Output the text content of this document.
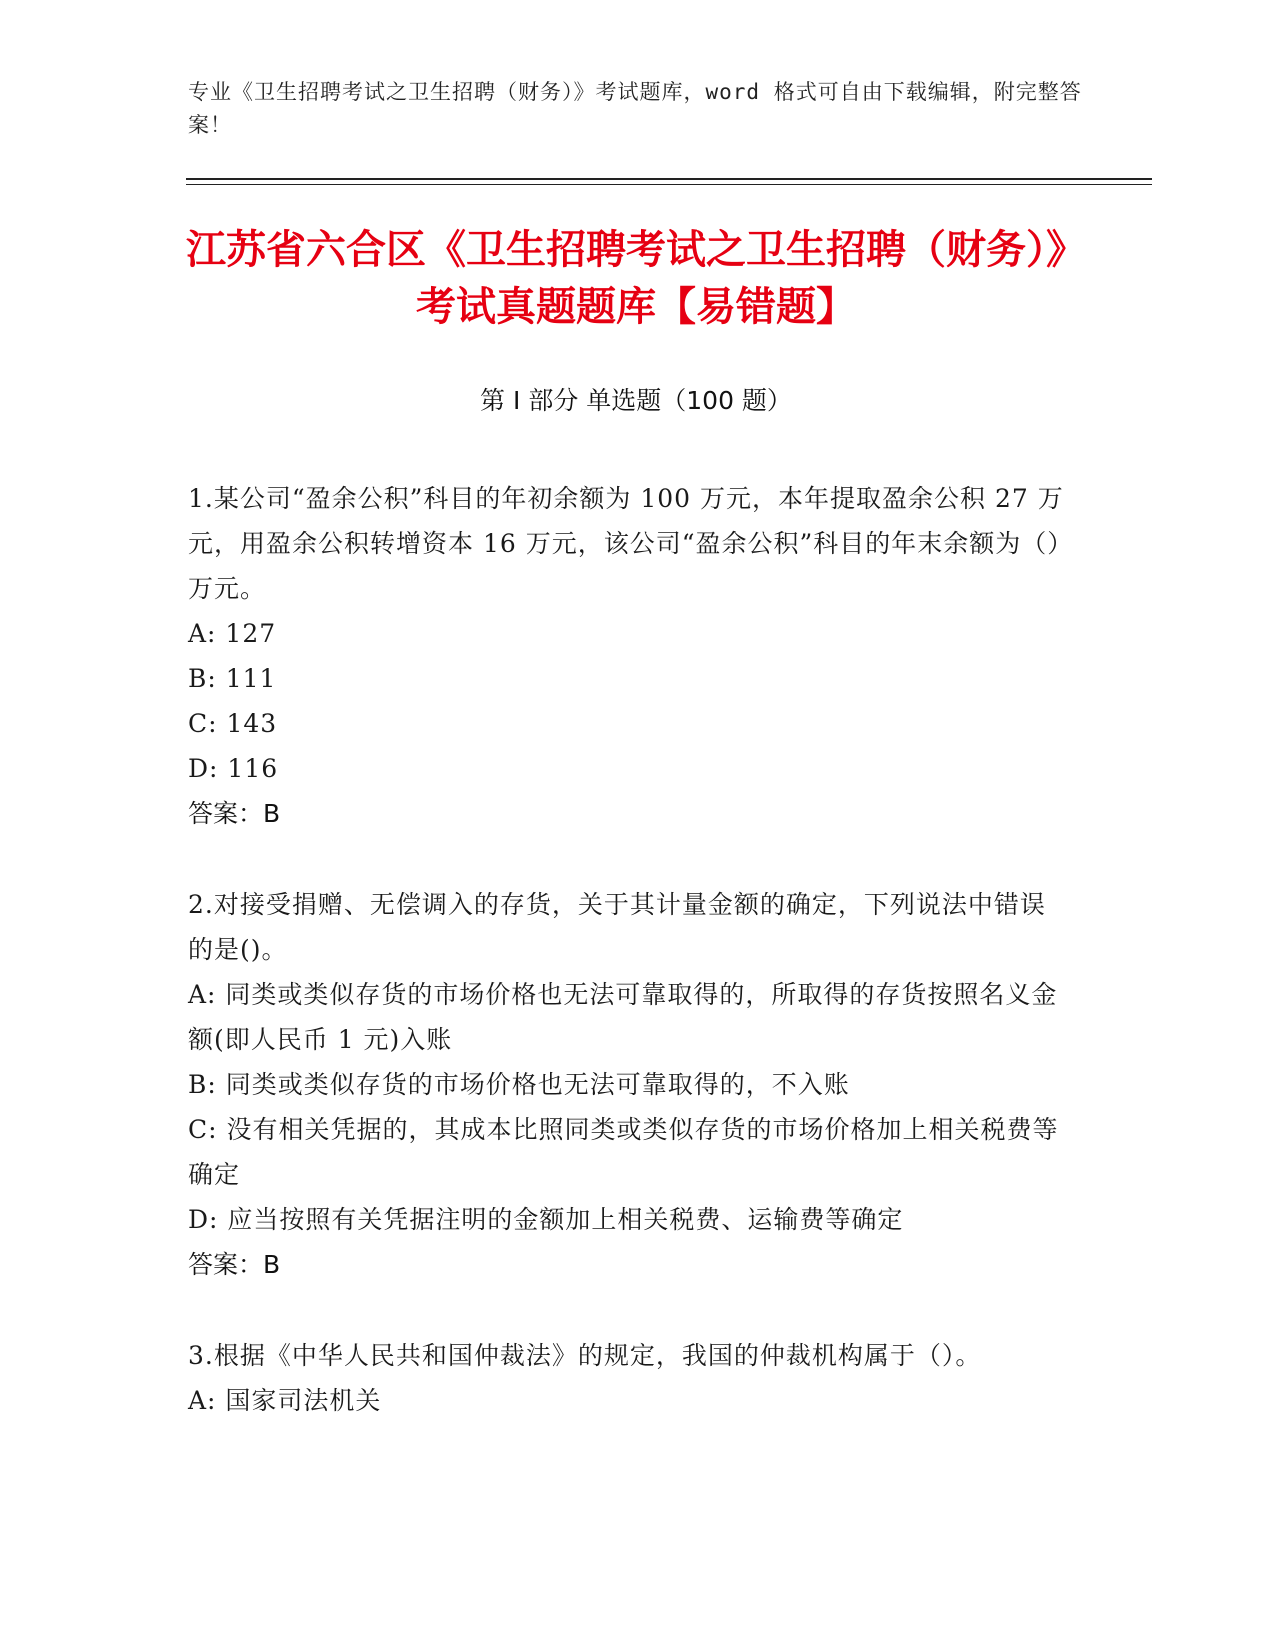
专业《卫生招聘考试之卫生招聘（财务）》考试题库，word 格式可自由下载编辑，附完整答案！
江苏省六合区《卫生招聘考试之卫生招聘（财务）》考试真题题库【易错题】
第 I 部分 单选题（100 题）
1.某公司“盈余公积”科目的年初余额为 100 万元，本年提取盈余公积 27 万元，用盈余公积转增资本 16 万元，该公司“盈余公积”科目的年末余额为（）万元。
A: 127
B: 111
C: 143
D: 116
答案：B
2.对接受捐赠、无偿调入的存货，关于其计量金额的确定，下列说法中错误的是()。
A: 同类或类似存货的市场价格也无法可靠取得的，所取得的存货按照名义金额(即人民币 1 元)入账
B: 同类或类似存货的市场价格也无法可靠取得的，不入账
C: 没有相关凭据的，其成本比照同类或类似存货的市场价格加上相关税费等确定
D: 应当按照有关凭据注明的金额加上相关税费、运输费等确定
答案：B
3.根据《中华人民共和国仲裁法》的规定，我国的仲裁机构属于（）。
A: 国家司法机关
